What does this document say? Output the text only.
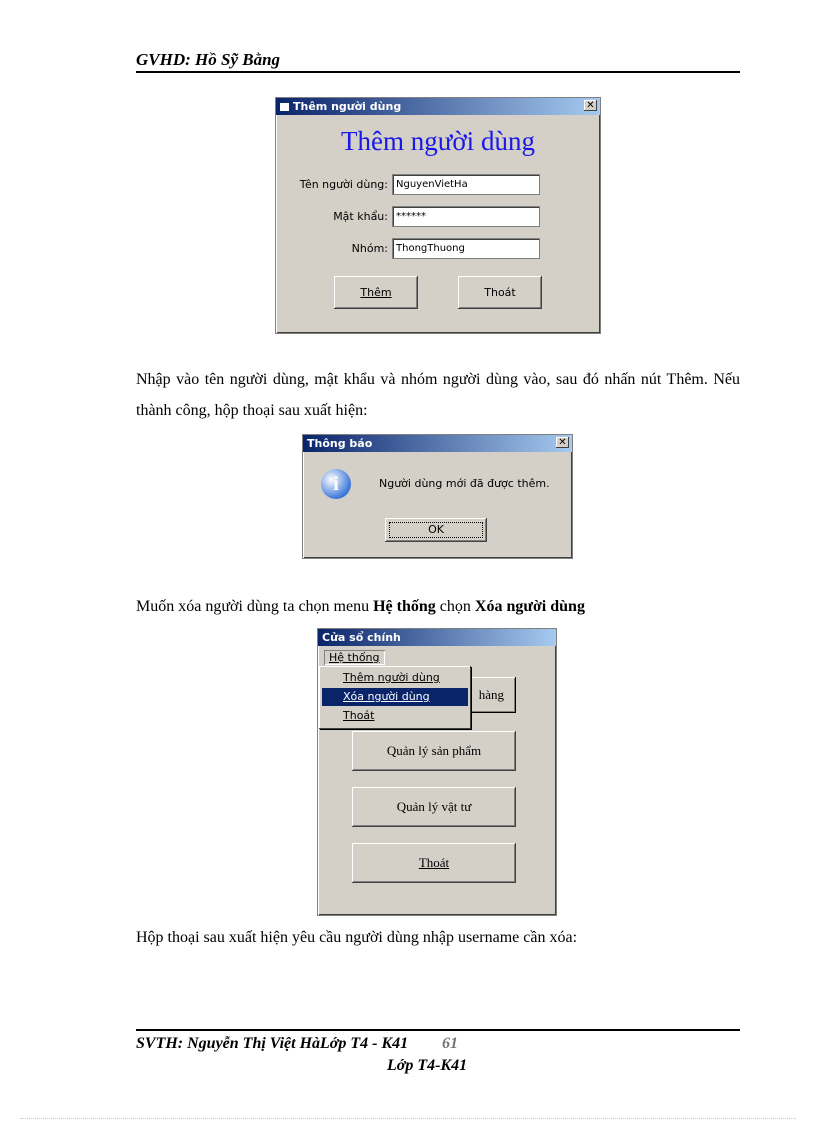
GVHD: Hồ Sỹ Bằng
Thêm người dùng	✕
Thêm người dùng
Tên người dùng: NguyenVietHa
Mật khẩu: ******
Nhóm: ThongThuong
Thêm	Thoát
Nhập vào tên người dùng, mật khẩu và nhóm người dùng vào, sau đó nhấn nút Thêm. Nếu thành công, hộp thoại sau xuất hiện:
Thông báo	✕
i	Người dùng mới đã được thêm.
OK
Muốn xóa người dùng ta chọn menu Hệ thống chọn Xóa người dùng
Cửa sổ chính
Hệ thống
hàng
Quản lý sản phẩm
Quản lý vật tư
Thoát
Thêm người dùng
Xóa người dùng
Thoát
Hộp thoại sau xuất hiện yêu cầu người dùng nhập username cần xóa:
SVTH: Nguyễn Thị Việt HàLớp T4 - K41 61
Lớp T4-K41
